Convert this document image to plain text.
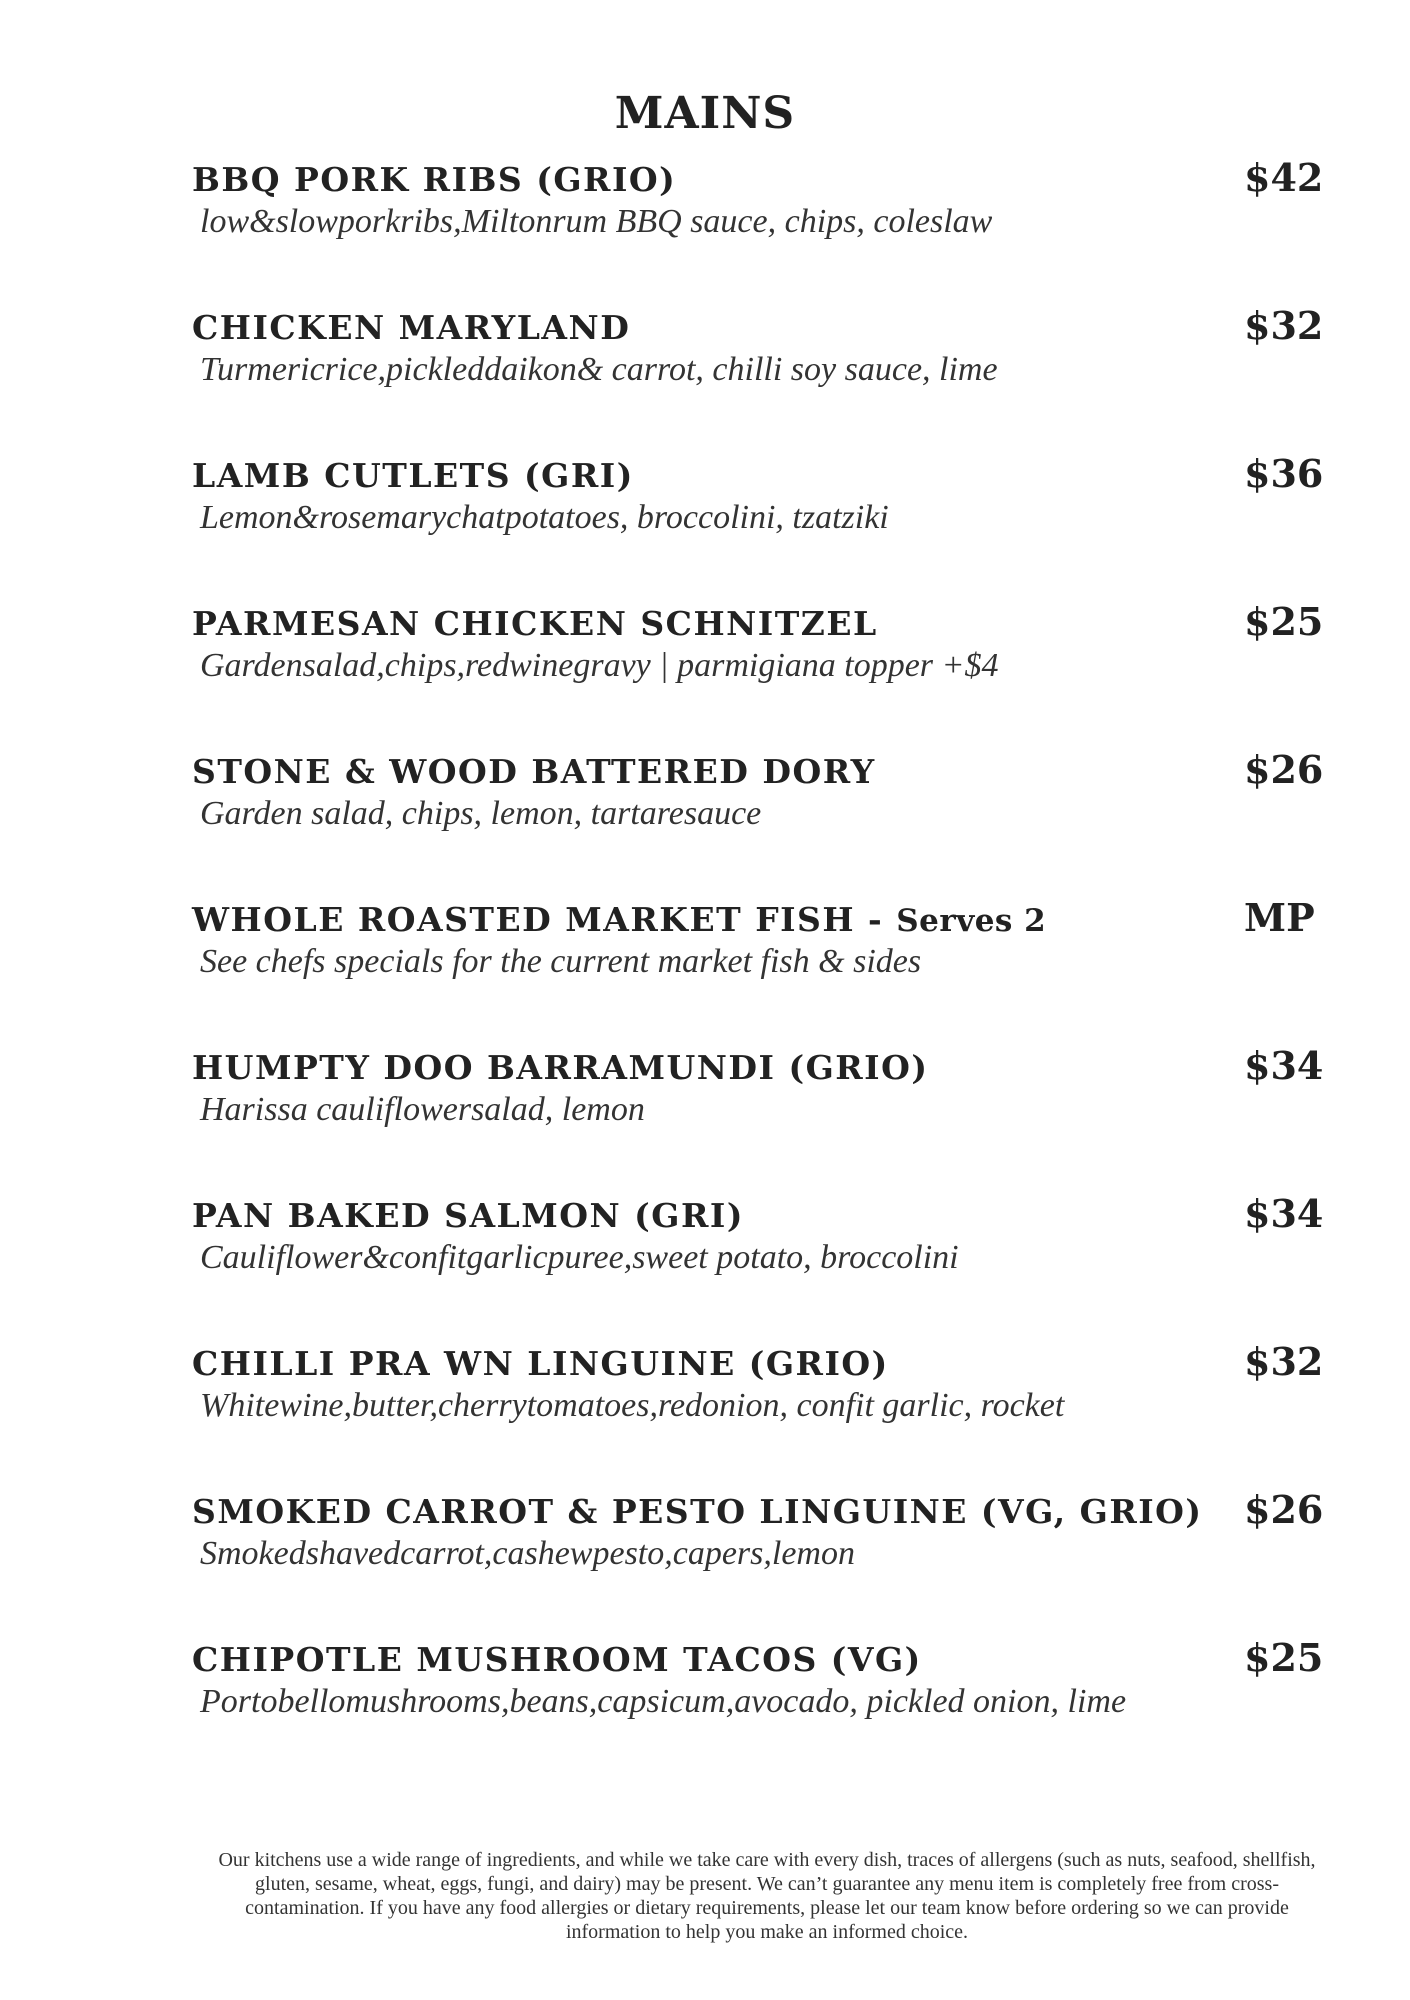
MAINS
BBQ PORK RIBS (GRIO)
low&slowporkribs,Miltonrum BBQ sauce, chips, coleslaw
$42
CHICKEN MARYLAND
Turmericrice,pickleddaikon& carrot, chilli soy sauce, lime
$32
LAMB CUTLETS (GRI)
Lemon&rosemarychatpotatoes, broccolini, tzatziki
$36
PARMESAN CHICKEN SCHNITZEL
Gardensalad,chips,redwinegravy | parmigiana topper +$4
$25
STONE & WOOD BATTERED DORY
Garden salad, chips, lemon, tartaresauce
$26
WHOLE ROASTED MARKET FISH - Serves 2
See chefs specials for the current market fish & sides
MP
HUMPTY DOO BARRAMUNDI (GRIO)
Harissa cauliflowersalad, lemon
$34
PAN BAKED SALMON (GRI)
Cauliflower&confitgarlicpuree,sweet potato, broccolini
$34
CHILLI PRA WN LINGUINE (GRIO)
Whitewine,butter,cherrytomatoes,redonion, confit garlic, rocket
$32
SMOKED CARROT & PESTO LINGUINE (VG, GRIO)
Smokedshavedcarrot,cashewpesto,capers,lemon
$26
CHIPOTLE MUSHROOM TACOS (VG)
Portobellomushrooms,beans,capsicum,avocado, pickled onion, lime
$25

Our kitchens use a wide range of ingredients, and while we take care with every dish, traces of allergens (such as nuts, seafood, shellfish, gluten, sesame, wheat, eggs, fungi, and dairy) may be present. We can’t guarantee any menu item is completely free from cross-contamination. If you have any food allergies or dietary requirements, please let our team know before ordering so we can provide information to help you make an informed choice.
